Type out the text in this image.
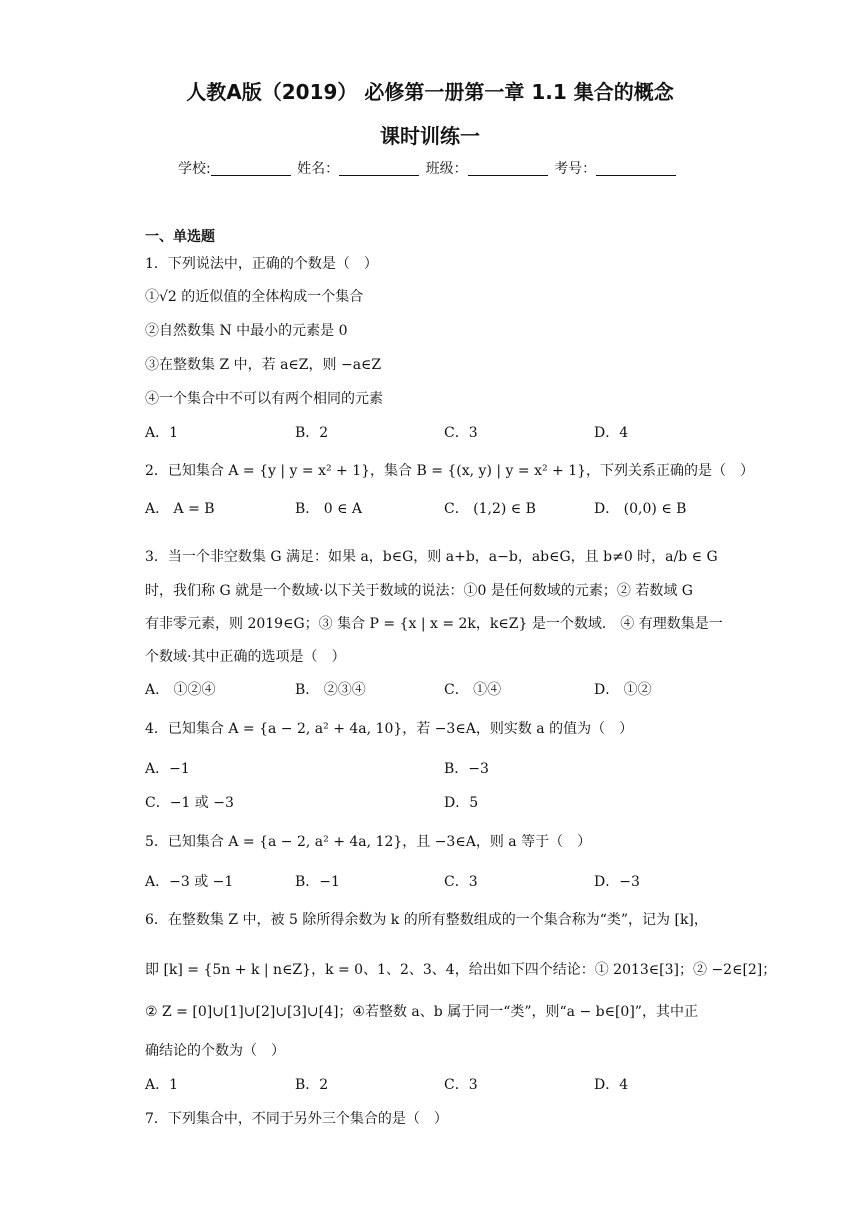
人教A版（2019） 必修第一册第一章 1.1 集合的概念
课时训练一
学校:	姓名：	班级：	考号：
一、单选题
1．下列说法中，正确的个数是（　）
①√2 的近似值的全体构成一个集合
②自然数集 N 中最小的元素是 0
③在整数集 Z 中，若 a∈Z，则 −a∈Z
④一个集合中不可以有两个相同的元素
A．1	B．2	C．3	D．4
2．已知集合 A = {y | y = x² + 1}，集合 B = {(x, y) | y = x² + 1}，下列关系正确的是（　）
A． A = B	B． 0 ∈ A	C． (1,2) ∈ B	D． (0,0) ∈ B
3．当一个非空数集 G 满足：如果 a，b∈G，则 a+b，a−b，ab∈G，且 b≠0 时，a/b ∈ G
时，我们称 G 就是一个数域·以下关于数域的说法：①0 是任何数域的元素；② 若数域 G
有非零元素，则 2019∈G；③ 集合 P = {x | x = 2k，k∈Z} 是一个数域． ④ 有理数集是一
个数域·其中正确的选项是（　）
A． ①②④	B． ②③④	C． ①④	D． ①②
4．已知集合 A = {a − 2, a² + 4a, 10}，若 −3∈A，则实数 a 的值为（　）
A．−1	B．−3
C．−1 或 −3	D．5
5．已知集合 A = {a − 2, a² + 4a, 12}，且 −3∈A，则 a 等于（　）
A．−3 或 −1	B．−1	C．3	D．−3
6．在整数集 Z 中，被 5 除所得余数为 k 的所有整数组成的一个集合称为“类”，记为 [k]，
即 [k] = {5n + k | n∈Z}，k = 0、1、2、3、4，给出如下四个结论：① 2013∈[3]；② −2∈[2]；
② Z = [0]∪[1]∪[2]∪[3]∪[4]；④若整数 a、b 属于同一“类”，则“a − b∈[0]”，其中正
确结论的个数为（　）
A．1	B．2	C．3	D．4
7．下列集合中，不同于另外三个集合的是（　）
